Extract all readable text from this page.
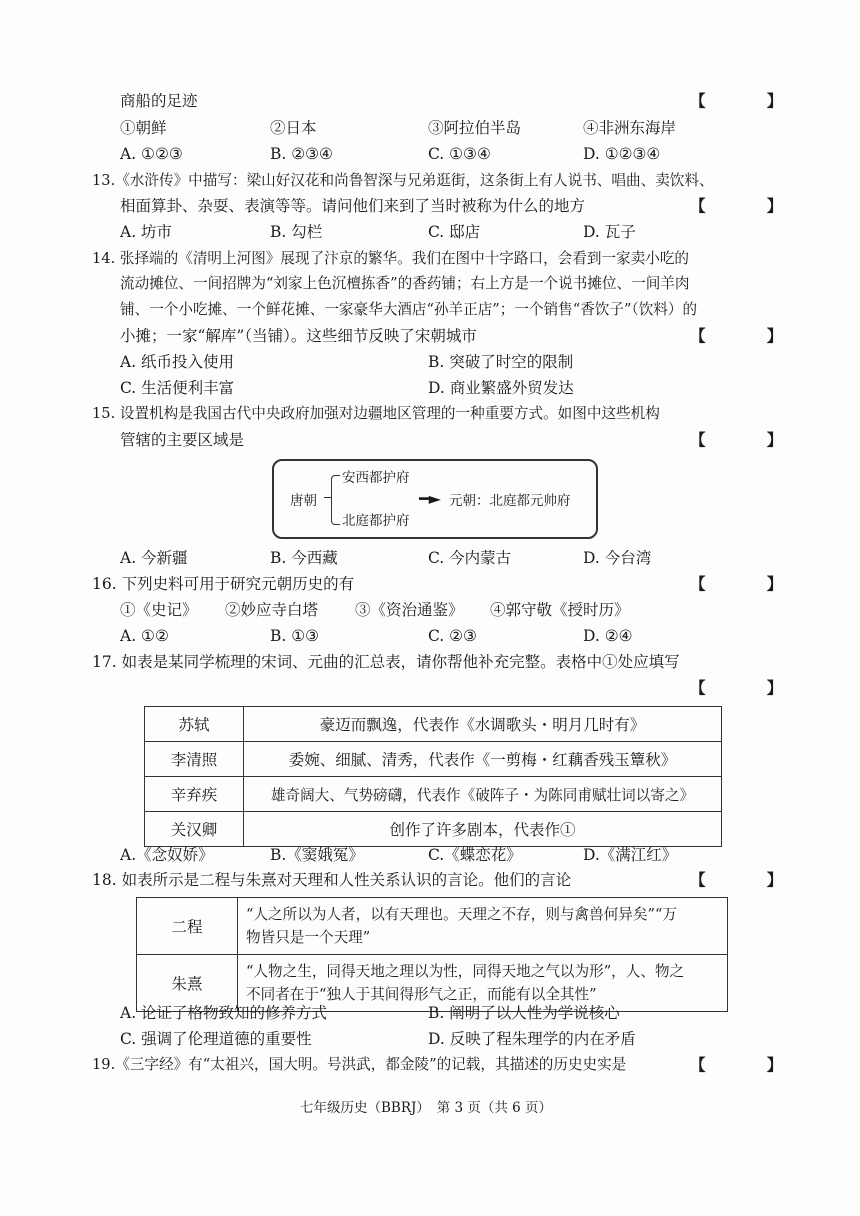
商船的足迹	【 】
①朝鲜	②日本	③阿拉伯半岛	④非洲东海岸
A. ①②③	B. ②③④	C. ①③④	D. ①②③④
13.《水浒传》中描写：梁山好汉花和尚鲁智深与兄弟逛街，这条街上有人说书、唱曲、卖饮料、
相面算卦、杂耍、表演等等。请问他们来到了当时被称为什么的地方	【 】
A. 坊市	B. 勾栏	C. 邸店	D. 瓦子
14. 张择端的《清明上河图》展现了汴京的繁华。我们在图中十字路口，会看到一家卖小吃的
流动摊位、一间招牌为“刘家上色沉檀拣香”的香药铺；右上方是一个说书摊位、一间羊肉
铺、一个小吃摊、一个鲜花摊、一家豪华大酒店“孙羊正店”；一个销售“香饮子”（饮料）的
小摊；一家“解库”（当铺）。这些细节反映了宋朝城市	【 】
A. 纸币投入使用	B. 突破了时空的限制
C. 生活便利丰富	D. 商业繁盛外贸发达
15. 设置机构是我国古代中央政府加强对边疆地区管理的一种重要方式。如图中这些机构
管辖的主要区域是	【 】
唐朝
安西都护府
北庭都护府
━► 元朝：北庭都元帅府
A. 今新疆	B. 今西藏	C. 今内蒙古	D. 今台湾
16. 下列史料可用于研究元朝历史的有	【 】
①《史记》 ②妙应寺白塔 ③《资治通鉴》 ④郭守敬《授时历》
A. ①②	B. ①③	C. ②③	D. ②④
17. 如表是某同学梳理的宋词、元曲的汇总表，请你帮他补充完整。表格中①处应填写
【 】
苏轼	豪迈而飘逸，代表作《水调歌头・明月几时有》
李清照	委婉、细腻、清秀，代表作《一剪梅・红藕香残玉簟秋》
辛弃疾	雄奇阔大、气势磅礴，代表作《破阵子・为陈同甫赋壮词以寄之》
关汉卿	创作了许多剧本，代表作①
A.《念奴娇》	B.《窦娥冤》	C.《蝶恋花》	D.《满江红》
18. 如表所示是二程与朱熹对天理和人性关系认识的言论。他们的言论	【 】
二程	“人之所以为人者，以有天理也。天理之不存，则与禽兽何异矣”“万
物皆只是一个天理”

朱熹	“人物之生，同得天地之理以为性，同得天地之气以为形”，人、物之
不同者在于“独人于其间得形气之正，而能有以全其性”
A. 论证了格物致知的修养方式	B. 阐明了以人性为学说核心
C. 强调了伦理道德的重要性	D. 反映了程朱理学的内在矛盾
19.《三字经》有“太祖兴，国大明。号洪武，都金陵”的记载，其描述的历史史实是	【 】
七年级历史（BBRJ）　第 3 页（共 6 页）
